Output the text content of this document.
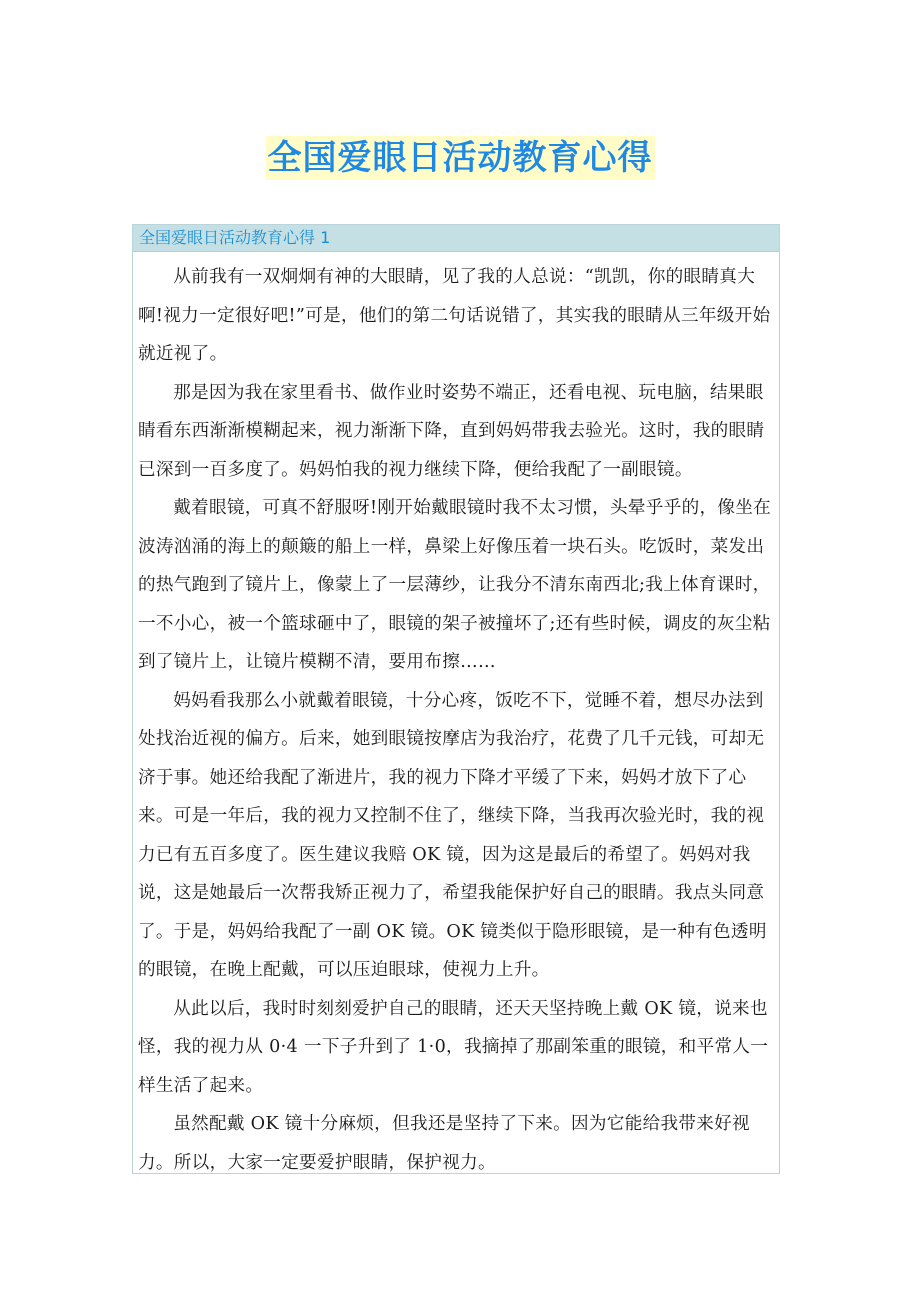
全国爱眼日活动教育心得
全国爱眼日活动教育心得 1

从前我有一双炯炯有神的大眼睛，见了我的人总说：“凯凯，你的眼睛真大啊!视力一定很好吧!”可是，他们的第二句话说错了，其实我的眼睛从三年级开始就近视了。

那是因为我在家里看书、做作业时姿势不端正，还看电视、玩电脑，结果眼睛看东西渐渐模糊起来，视力渐渐下降，直到妈妈带我去验光。这时，我的眼睛已深到一百多度了。妈妈怕我的视力继续下降，便给我配了一副眼镜。

戴着眼镜，可真不舒服呀!刚开始戴眼镜时我不太习惯，头晕乎乎的，像坐在波涛汹涌的海上的颠簸的船上一样，鼻梁上好像压着一块石头。吃饭时，菜发出的热气跑到了镜片上，像蒙上了一层薄纱，让我分不清东南西北;我上体育课时，一不小心，被一个篮球砸中了，眼镜的架子被撞坏了;还有些时候，调皮的灰尘粘到了镜片上，让镜片模糊不清，要用布擦……

妈妈看我那么小就戴着眼镜，十分心疼，饭吃不下，觉睡不着，想尽办法到处找治近视的偏方。后来，她到眼镜按摩店为我治疗，花费了几千元钱，可却无济于事。她还给我配了渐进片，我的视力下降才平缓了下来，妈妈才放下了心来。可是一年后，我的视力又控制不住了，继续下降，当我再次验光时，我的视力已有五百多度了。医生建议我赔 OK 镜，因为这是最后的希望了。妈妈对我说，这是她最后一次帮我矫正视力了，希望我能保护好自己的眼睛。我点头同意了。于是，妈妈给我配了一副 OK 镜。OK 镜类似于隐形眼镜，是一种有色透明的眼镜，在晚上配戴，可以压迫眼球，使视力上升。

从此以后，我时时刻刻爱护自己的眼睛，还天天坚持晚上戴 OK 镜，说来也怪，我的视力从 0·4 一下子升到了 1·0，我摘掉了那副笨重的眼镜，和平常人一样生活了起来。

虽然配戴 OK 镜十分麻烦，但我还是坚持了下来。因为它能给我带来好视力。所以，大家一定要爱护眼睛，保护视力。
